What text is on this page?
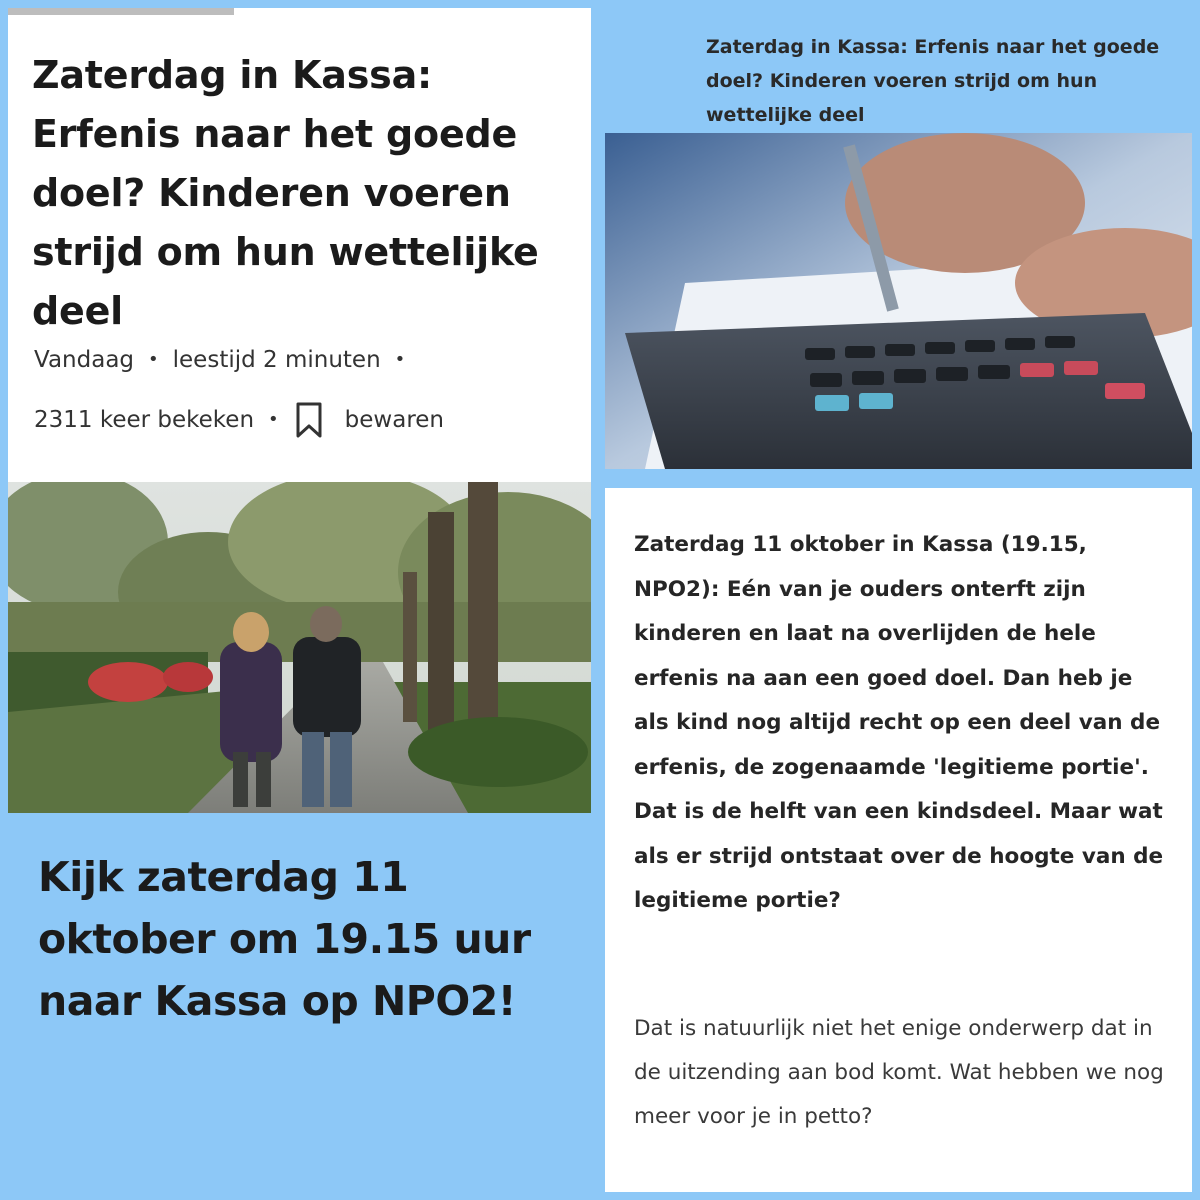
Zaterdag in Kassa: Erfenis naar het goede doel? Kinderen voeren strijd om hun wettelijke deel
Vandaag • leestijd 2 minuten •
2311 keer bekeken •	bewaren

Kijk zaterdag 11 oktober om 19.15 uur naar Kassa op NPO2!

Zaterdag in Kassa: Erfenis naar het goede doel? Kinderen voeren strijd om hun wettelijke deel

Zaterdag 11 oktober in Kassa (19.15, NPO2): Eén van je ouders onterft zijn kinderen en laat na overlijden de hele erfenis na aan een goed doel. Dan heb je als kind nog altijd recht op een deel van de erfenis, de zogenaamde 'legitieme portie'. Dat is de helft van een kindsdeel. Maar wat als er strijd ontstaat over de hoogte van de legitieme portie?

Dat is natuurlijk niet het enige onderwerp dat in de uitzending aan bod komt. Wat hebben we nog meer voor je in petto?
